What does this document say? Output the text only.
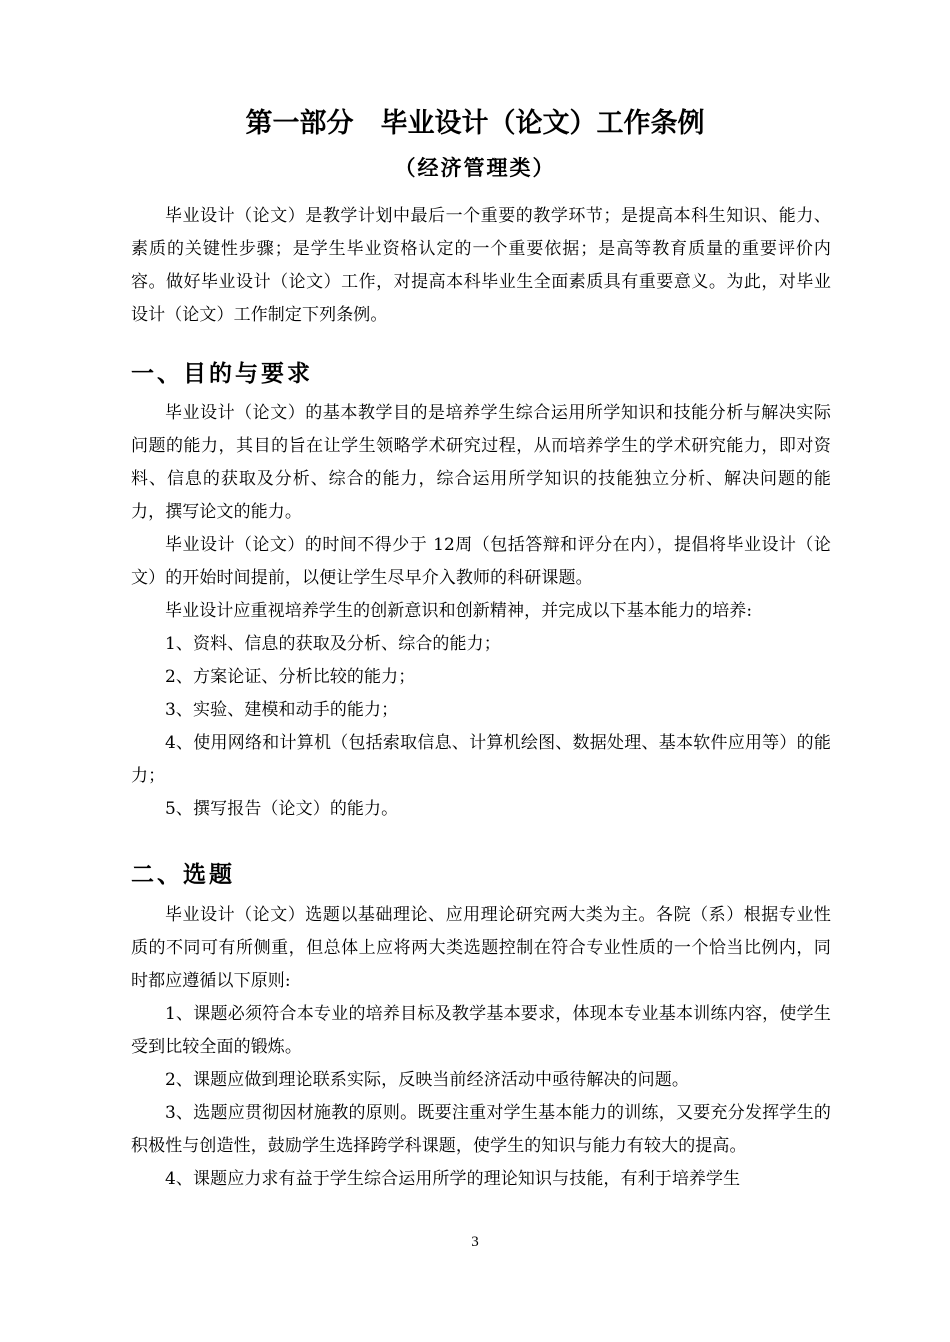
第一部分　毕业设计（论文）工作条例
（经济管理类）

毕业设计（论文）是教学计划中最后一个重要的教学环节；是提高本科生知识、能力、素质的关键性步骤；是学生毕业资格认定的一个重要依据；是高等教育质量的重要评价内容。做好毕业设计（论文）工作，对提高本科毕业生全面素质具有重要意义。为此，对毕业设计（论文）工作制定下列条例。

一、目的与要求

毕业设计（论文）的基本教学目的是培养学生综合运用所学知识和技能分析与解决实际问题的能力，其目的旨在让学生领略学术研究过程，从而培养学生的学术研究能力，即对资料、信息的获取及分析、综合的能力，综合运用所学知识的技能独立分析、解决问题的能力，撰写论文的能力。

毕业设计（论文）的时间不得少于 12周（包括答辩和评分在内），提倡将毕业设计（论文）的开始时间提前，以便让学生尽早介入教师的科研课题。

毕业设计应重视培养学生的创新意识和创新精神，并完成以下基本能力的培养:

1、资料、信息的获取及分析、综合的能力；

2、方案论证、分析比较的能力；

3、实验、建模和动手的能力；

4、使用网络和计算机（包括索取信息、计算机绘图、数据处理、基本软件应用等）的能力；

5、撰写报告（论文）的能力。

二、选题

毕业设计（论文）选题以基础理论、应用理论研究两大类为主。各院（系）根据专业性质的不同可有所侧重，但总体上应将两大类选题控制在符合专业性质的一个恰当比例内，同时都应遵循以下原则:

1、课题必须符合本专业的培养目标及教学基本要求，体现本专业基本训练内容，使学生受到比较全面的锻炼。

2、课题应做到理论联系实际，反映当前经济活动中亟待解决的问题。

3、选题应贯彻因材施教的原则。既要注重对学生基本能力的训练，又要充分发挥学生的积极性与创造性，鼓励学生选择跨学科课题，使学生的知识与能力有较大的提高。

4、课题应力求有益于学生综合运用所学的理论知识与技能，有利于培养学生

3
